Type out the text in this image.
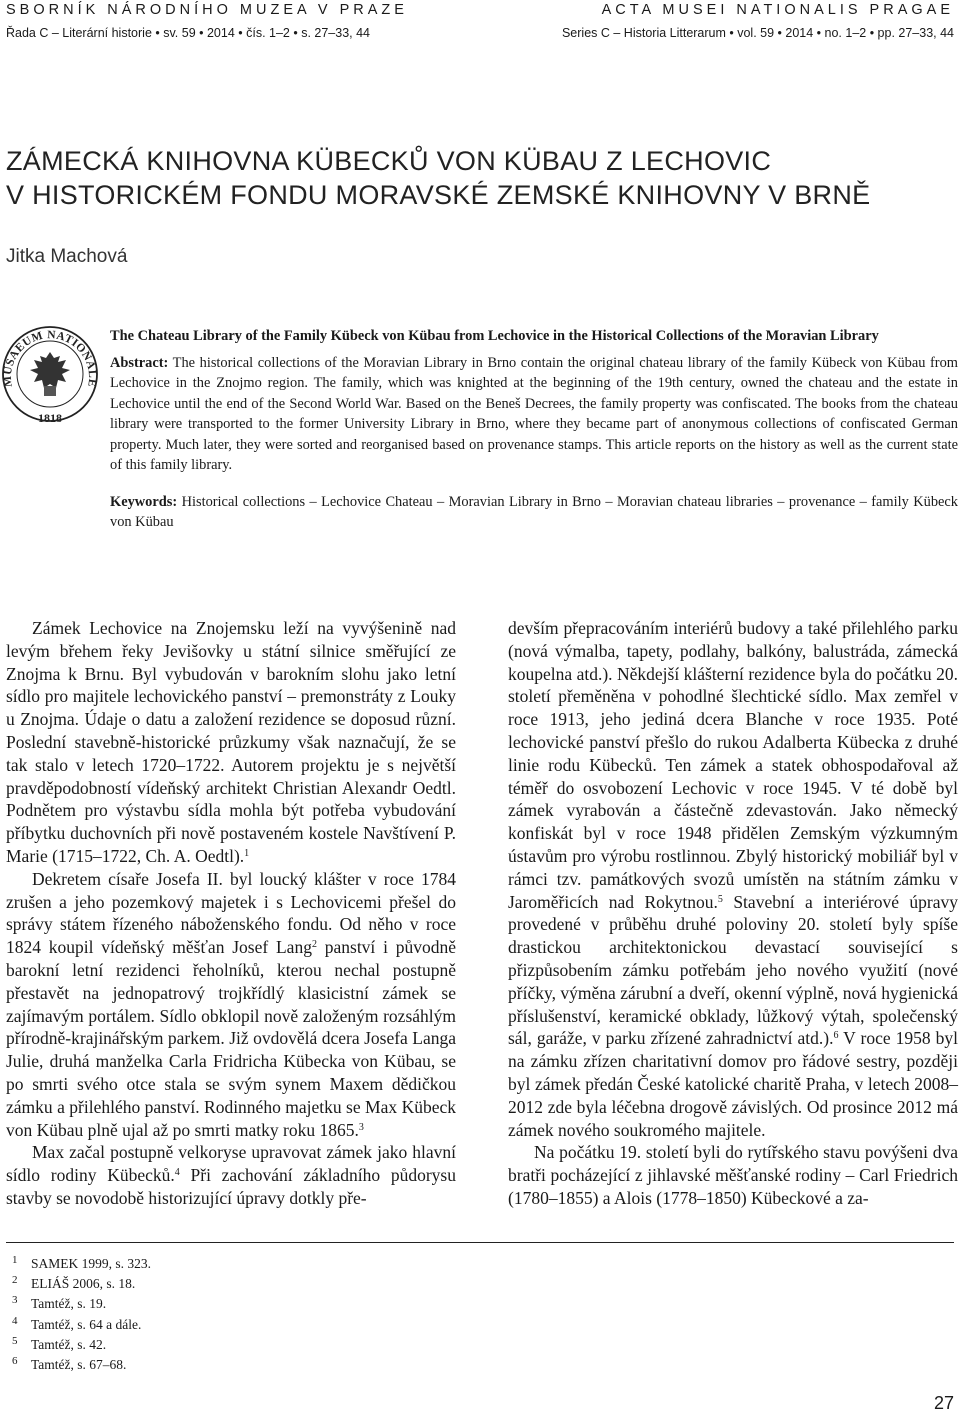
SBORNÍK NÁRODNÍHO MUZEA V PRAZE	ACTA MUSEI NATIONALIS PRAGAE
Řada C – Literární historie • sv. 59 • 2014 • čís. 1–2 • s. 27–33, 44	Series C – Historia Litterarum • vol. 59 • 2014 • no. 1–2 • pp. 27–33, 44
ZÁMECKÁ KNIHOVNA KÜBECKŮ VON KÜBAU Z LECHOVIC
V HISTORICKÉM FONDU MORAVSKÉ ZEMSKÉ KNIHOVNY V BRNĚ
Jitka Machová
MUSAEUM NATIONALE
1818
The Chateau Library of the Family Kübeck von Kübau from Lechovice in the Historical Collections of the Moravian Library

Abstract: The historical collections of the Moravian Library in Brno contain the original chateau library of the family Kübeck von Kübau from Lechovice in the Znojmo region. The family, which was knighted at the beginning of the 19th century, owned the chateau and the estate in Lechovice until the end of the Second World War. Based on the Beneš Decrees, the family property was confiscated. The books from the chateau library were transported to the former University Library in Brno, where they became part of anonymous collections of confiscated German property. Much later, they were sorted and reorganised based on provenance stamps. This article reports on the history as well as the current state of this family library.

Keywords: Historical collections – Lechovice Chateau – Moravian Library in Brno – Moravian chateau libraries – provenance – family Kübeck von Kübau

Zámek Lechovice na Znojemsku leží na vyvýšenině nad levým břehem řeky Jevišovky u státní silnice směřující ze Znojma k Brnu. Byl vybudován v barokním slohu jako letní sídlo pro majitele lechovického panství – premonstráty z Louky u Znojma. Údaje o datu a založení rezidence se doposud různí. Poslední stavebně-historické průzkumy však naznačují, že se tak stalo v letech 1720–1722. Autorem projektu je s největší pravděpodobností vídeňský architekt Christian Alexandr Oedtl. Podnětem pro výstavbu sídla mohla být potřeba vybudování příbytku duchovních při nově postaveném kostele Navštívení P. Marie (1715–1722, Ch. A. Oedtl).$^1$

Dekretem císaře Josefa II. byl loucký klášter v roce 1784 zrušen a jeho pozemkový majetek i s Lechovicemi přešel do správy státem řízeného náboženského fondu. Od něho v roce 1824 koupil vídeňský měšťan Josef Lang$^2$ panství i původně barokní letní rezidenci řeholníků, kterou nechal postupně přestavět na jednopatrový trojkřídlý klasicistní zámek se zajímavým portálem. Sídlo obklopil nově založeným rozsáhlým přírodně-krajinářským parkem. Již ovdovělá dcera Josefa Langa Julie, druhá manželka Carla Fridricha Kübecka von Kübau, se po smrti svého otce stala se svým synem Maxem dědičkou zámku a přilehlého panství. Rodinného majetku se Max Kübeck von Kübau plně ujal až po smrti matky roku 1865.$^3$

Max začal postupně velkoryse upravovat zámek jako hlavní sídlo rodiny Kübecků.$^4$ Při zachování základního půdorysu stavby se novodobě historizující úpravy dotkly pře-

devším přepracováním interiérů budovy a také přilehlého parku (nová výmalba, tapety, podlahy, balkóny, balustráda, zámecká koupelna atd.). Někdejší klášterní rezidence byla do počátku 20. století přeměněna v pohodlné šlechtické sídlo. Max zemřel v roce 1913, jeho jediná dcera Blanche v roce 1935. Poté lechovické panství přešlo do rukou Adalberta Kübecka z druhé linie rodu Kübecků. Ten zámek a statek obhospodařoval až téměř do osvobození Lechovic v roce 1945. V té době byl zámek vyrabován a částečně zdevastován. Jako německý konfiskát byl v roce 1948 přidělen Zemským výzkumným ústavům pro výrobu rostlinnou. Zbylý historický mobiliář byl v rámci tzv. památkových svozů umístěn na státním zámku v Jaroměřicích nad Rokytnou.$^5$ Stavební a interiérové úpravy provedené v průběhu druhé poloviny 20. století byly spíše drastickou architektonickou devastací související s přizpůsobením zámku potřebám jeho nového využití (nové příčky, výměna zárubní a dveří, okenní výplně, nová hygienická příslušenství, keramické obklady, lůžkový výtah, společenský sál, garáže, v parku zřízené zahradnictví atd.).$^6$ V roce 1958 byl na zámku zřízen charitativní domov pro řádové sestry, později byl zámek předán České katolické charitě Praha, v letech 2008–2012 zde byla léčebna drogově závislých. Od prosince 2012 má zámek nového soukromého majitele.

Na počátku 19. století byli do rytířského stavu povýšeni dva bratři pocházející z jihlavské měšťanské rodiny – Carl Friedrich (1780–1855) a Alois (1778–1850) Kübeckové a za-

$^1$	SAMEK 1999, s. 323.
$^2$	ELIÁŠ 2006, s. 18.
$^3$	Tamtéž, s. 19.
$^4$	Tamtéž, s. 64 a dále.
$^5$	Tamtéž, s. 42.
$^6$	Tamtéž, s. 67–68.
27
